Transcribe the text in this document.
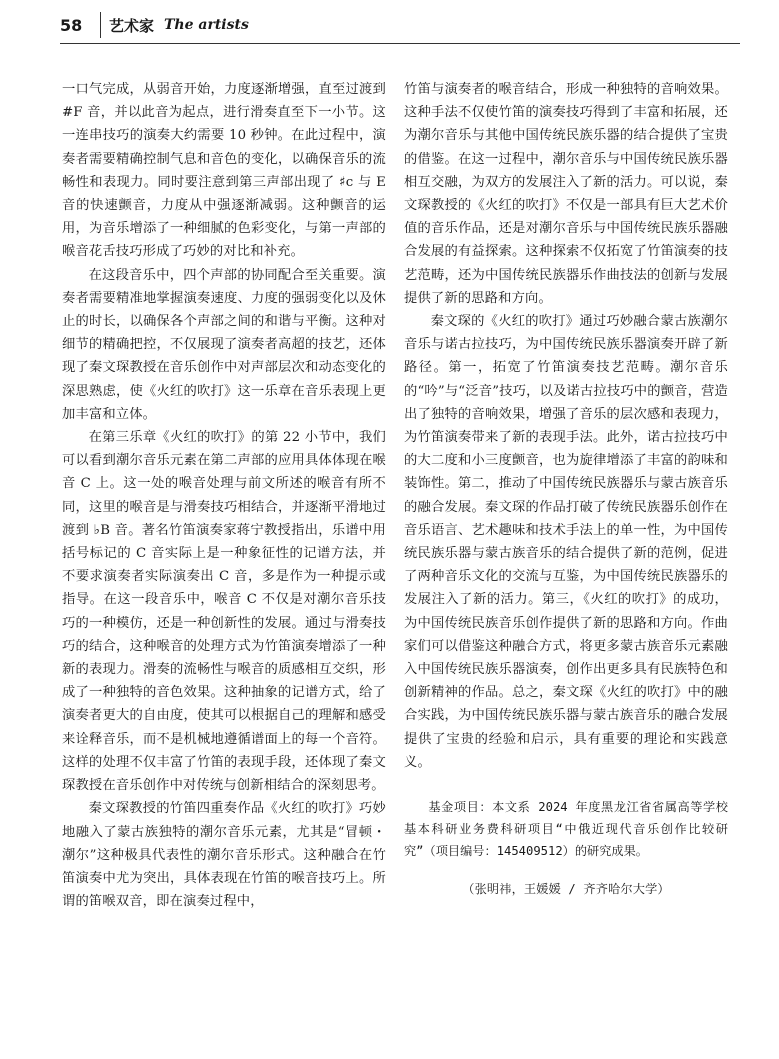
58	艺术家 The artists

一口气完成，从弱音开始，力度逐渐增强，直至过渡到 #F 音，并以此音为起点，进行滑奏直至下一小节。这一连串技巧的演奏大约需要 10 秒钟。在此过程中，演奏者需要精确控制气息和音色的变化，以确保音乐的流畅性和表现力。同时要注意到第三声部出现了 ♯c 与 E 音的快速颤音，力度从中强逐渐减弱。这种颤音的运用，为音乐增添了一种细腻的色彩变化，与第一声部的喉音花舌技巧形成了巧妙的对比和补充。

在这段音乐中，四个声部的协同配合至关重要。演奏者需要精准地掌握演奏速度、力度的强弱变化以及休止的时长，以确保各个声部之间的和谐与平衡。这种对细节的精确把控，不仅展现了演奏者高超的技艺，还体现了秦文琛教授在音乐创作中对声部层次和动态变化的深思熟虑，使《火红的吹打》这一乐章在音乐表现上更加丰富和立体。

在第三乐章《火红的吹打》的第 22 小节中，我们可以看到潮尔音乐元素在第二声部的应用具体体现在喉音 C 上。这一处的喉音处理与前文所述的喉音有所不同，这里的喉音是与滑奏技巧相结合，并逐渐平滑地过渡到 ♭B 音。著名竹笛演奏家蒋宁教授指出，乐谱中用括号标记的 C 音实际上是一种象征性的记谱方法，并不要求演奏者实际演奏出 C 音，多是作为一种提示或指导。在这一段音乐中，喉音 C 不仅是对潮尔音乐技巧的一种模仿，还是一种创新性的发展。通过与滑奏技巧的结合，这种喉音的处理方式为竹笛演奏增添了一种新的表现力。滑奏的流畅性与喉音的质感相互交织，形成了一种独特的音色效果。这种抽象的记谱方式，给了演奏者更大的自由度，使其可以根据自己的理解和感受来诠释音乐，而不是机械地遵循谱面上的每一个音符。这样的处理不仅丰富了竹笛的表现手段，还体现了秦文琛教授在音乐创作中对传统与创新相结合的深刻思考。

秦文琛教授的竹笛四重奏作品《火红的吹打》巧妙地融入了蒙古族独特的潮尔音乐元素，尤其是“冒顿・潮尔”这种极具代表性的潮尔音乐形式。这种融合在竹笛演奏中尤为突出，具体表现在竹笛的喉音技巧上。所谓的笛喉双音，即在演奏过程中，

竹笛与演奏者的喉音结合，形成一种独特的音响效果。这种手法不仅使竹笛的演奏技巧得到了丰富和拓展，还为潮尔音乐与其他中国传统民族乐器的结合提供了宝贵的借鉴。在这一过程中，潮尔音乐与中国传统民族乐器相互交融，为双方的发展注入了新的活力。可以说，秦文琛教授的《火红的吹打》不仅是一部具有巨大艺术价值的音乐作品，还是对潮尔音乐与中国传统民族乐器融合发展的有益探索。这种探索不仅拓宽了竹笛演奏的技艺范畴，还为中国传统民族器乐作曲技法的创新与发展提供了新的思路和方向。

秦文琛的《火红的吹打》通过巧妙融合蒙古族潮尔音乐与诺古拉技巧，为中国传统民族乐器演奏开辟了新路径。第一，拓宽了竹笛演奏技艺范畴。潮尔音乐的“吟”与“泛音”技巧，以及诺古拉技巧中的颤音，营造出了独特的音响效果，增强了音乐的层次感和表现力，为竹笛演奏带来了新的表现手法。此外，诺古拉技巧中的大二度和小三度颤音，也为旋律增添了丰富的韵味和装饰性。第二，推动了中国传统民族器乐与蒙古族音乐的融合发展。秦文琛的作品打破了传统民族器乐创作在音乐语言、艺术趣味和技术手法上的单一性，为中国传统民族乐器与蒙古族音乐的结合提供了新的范例，促进了两种音乐文化的交流与互鉴，为中国传统民族器乐的发展注入了新的活力。第三，《火红的吹打》的成功，为中国传统民族音乐创作提供了新的思路和方向。作曲家们可以借鉴这种融合方式，将更多蒙古族音乐元素融入中国传统民族乐器演奏，创作出更多具有民族特色和创新精神的作品。总之，秦文琛《火红的吹打》中的融合实践，为中国传统民族乐器与蒙古族音乐的融合发展提供了宝贵的经验和启示，具有重要的理论和实践意义。

基金项目：本文系 2024 年度黑龙江省省属高等学校基本科研业务费科研项目“中俄近现代音乐创作比较研究”（项目编号：145409512）的研究成果。

（张明祎，王媛媛 / 齐齐哈尔大学）
